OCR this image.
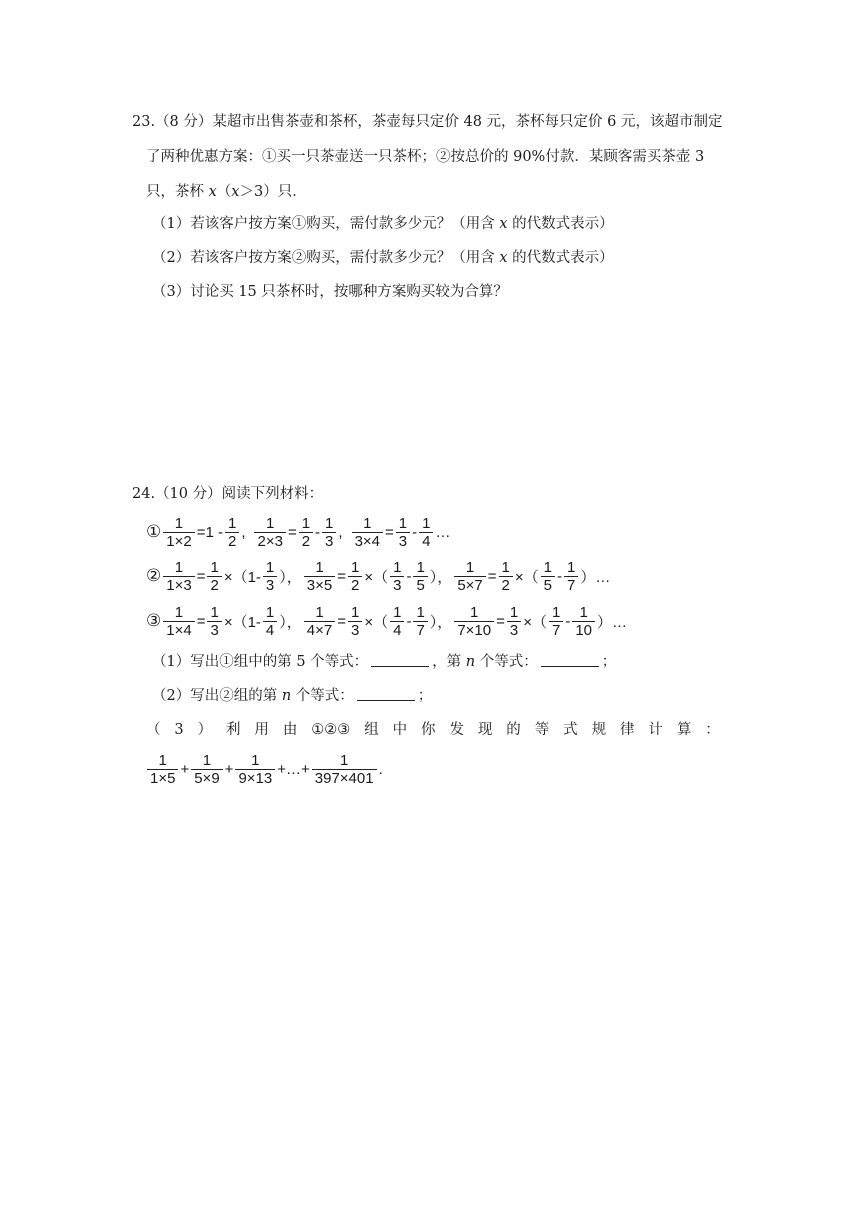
23.（8 分）某超市出售茶壶和茶杯，茶壶每只定价 48 元，茶杯每只定价 6 元，该超市制定
了两种优惠方案：①买一只茶壶送一只茶杯；②按总价的 90%付款．某顾客需买茶壶 3
只，茶杯 x（x＞3）只．
（1）若该客户按方案①购买，需付款多少元？（用含 x 的代数式表示）
（2）若该客户按方案②购买，需付款多少元？（用含 x 的代数式表示）
（3）讨论买 15 只茶杯时，按哪种方案购买较为合算？
24.（10 分）阅读下列材料：
① $\frac{1}{1\times 2} =1 - \frac{1}{2}$ , $\frac{1}{2\times 3} = \frac{1}{2} - \frac{1}{3}$ , $\frac{1}{3\times 4} = \frac{1}{3} - \frac{1}{4}$ …
② $\frac{1}{1\times 3} = \frac{1}{2} \times(1- \frac{1}{3}$ ）， $\frac{1}{3\times 5} = \frac{1}{2}$ ×（ $\frac{1}{3} - \frac{1}{5}$ ）， $\frac{1}{5\times 7} = \frac{1}{2}$ ×（ $\frac{1}{5} - \frac{1}{7}$ ）…
③ $\frac{1}{1\times 4} = \frac{1}{3} \times(1- \frac{1}{4}$ ）， $\frac{1}{4\times 7} = \frac{1}{3}$ ×（ $\frac{1}{4} - \frac{1}{7}$ ）， $\frac{1}{7\times 10} = \frac{1}{3}$ ×（ $\frac{1}{7} - \frac{1}{10}$ ）…
（1）写出①组中的第 5 个等式：	，第 n 个等式：	；
（2）写出②组的第 n 个等式：	；
（ 3 ） 利 用 由 ①②③ 组 中 你 发 现 的 等 式 规 律 计 算 ：
$\frac{1}{1\times 5} + \frac{1}{5\times 9} + \frac{1}{9\times 13}$ +…+ $\frac{1}{397\times 401}$ .
